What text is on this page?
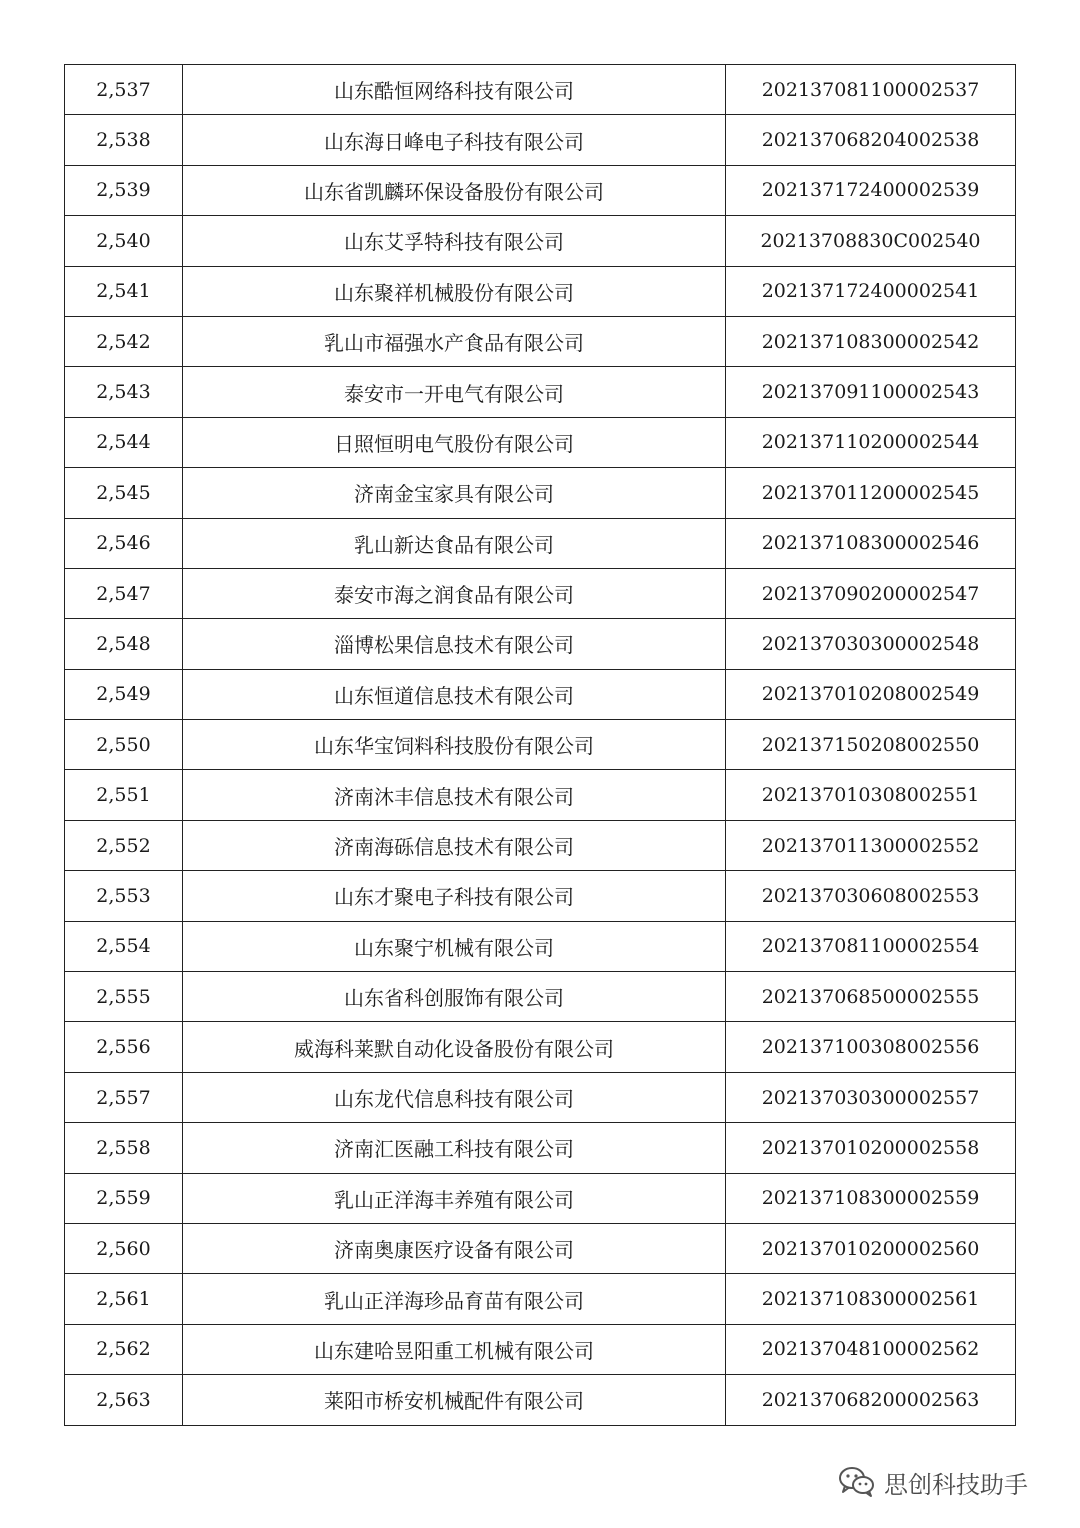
2,537	山东酷恒网络科技有限公司	202137081100002537
2,538	山东海日峰电子科技有限公司	202137068204002538
2,539	山东省凯麟环保设备股份有限公司	202137172400002539
2,540	山东艾孚特科技有限公司	20213708830C002540
2,541	山东聚祥机械股份有限公司	202137172400002541
2,542	乳山市福强水产食品有限公司	202137108300002542
2,543	泰安市一开电气有限公司	202137091100002543
2,544	日照恒明电气股份有限公司	202137110200002544
2,545	济南金宝家具有限公司	202137011200002545
2,546	乳山新达食品有限公司	202137108300002546
2,547	泰安市海之润食品有限公司	202137090200002547
2,548	淄博松果信息技术有限公司	202137030300002548
2,549	山东恒道信息技术有限公司	202137010208002549
2,550	山东华宝饲料科技股份有限公司	202137150208002550
2,551	济南沐丰信息技术有限公司	202137010308002551
2,552	济南海砾信息技术有限公司	202137011300002552
2,553	山东才聚电子科技有限公司	202137030608002553
2,554	山东聚宁机械有限公司	202137081100002554
2,555	山东省科创服饰有限公司	202137068500002555
2,556	威海科莱默自动化设备股份有限公司	202137100308002556
2,557	山东龙代信息科技有限公司	202137030300002557
2,558	济南汇医融工科技有限公司	202137010200002558
2,559	乳山正洋海丰养殖有限公司	202137108300002559
2,560	济南奥康医疗设备有限公司	202137010200002560
2,561	乳山正洋海珍品育苗有限公司	202137108300002561
2,562	山东建哈昱阳重工机械有限公司	202137048100002562
2,563	莱阳市桥安机械配件有限公司	202137068200002563
思创科技助手
